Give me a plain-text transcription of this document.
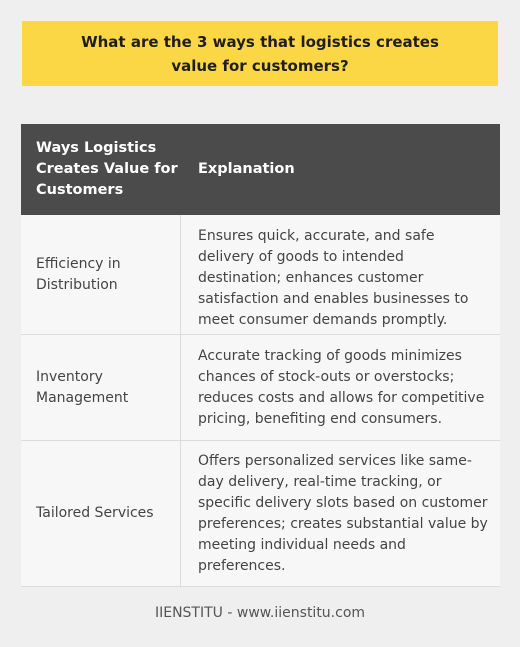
What are the 3 ways that logistics creates value for customers?
Ways Logistics Creates Value for Customers
Explanation
Efficiency in Distribution
Ensures quick, accurate, and safe delivery of goods to intended destination; enhances customer satisfaction and enables businesses to meet consumer demands promptly.
Inventory Management
Accurate tracking of goods minimizes chances of stock-outs or overstocks; reduces costs and allows for competitive pricing, benefiting end consumers.
Tailored Services
Offers personalized services like same-day delivery, real-time tracking, or specific delivery slots based on customer preferences; creates substantial value by meeting individual needs and preferences.
IIENSTITU - www.iienstitu.com
